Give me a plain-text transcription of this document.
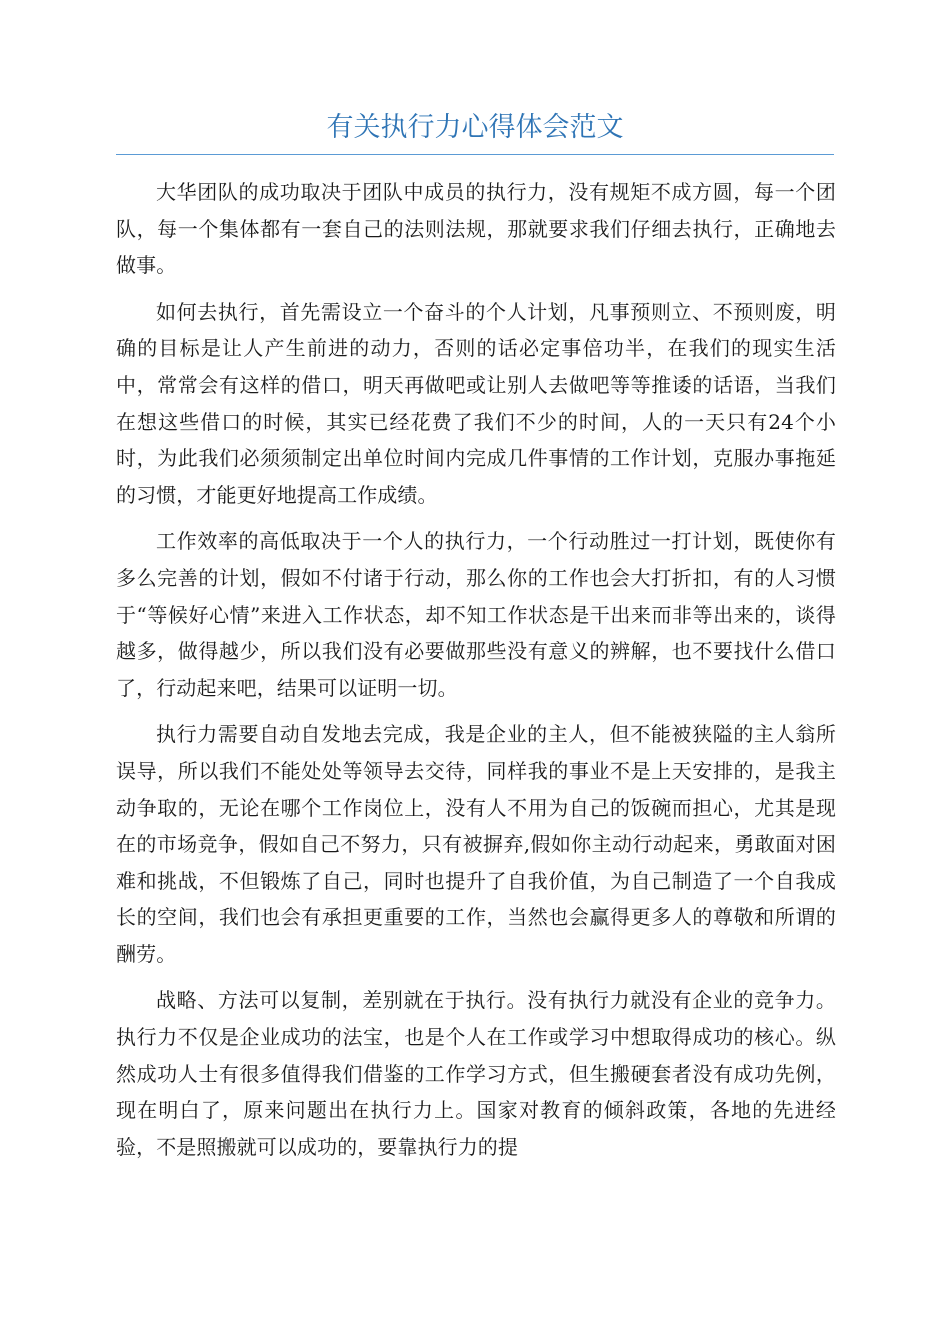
有关执行力心得体会范文

大华团队的成功取决于团队中成员的执行力，没有规矩不成方圆，每一个团队，每一个集体都有一套自己的法则法规，那就要求我们仔细去执行，正确地去做事。

如何去执行，首先需设立一个奋斗的个人计划，凡事预则立、不预则废，明确的目标是让人产生前进的动力，否则的话必定事倍功半，在我们的现实生活中，常常会有这样的借口，明天再做吧或让别人去做吧等等推诿的话语，当我们在想这些借口的时候，其实已经花费了我们不少的时间，人的一天只有24个小时，为此我们必须须制定出单位时间内完成几件事情的工作计划，克服办事拖延的习惯，才能更好地提高工作成绩。

工作效率的高低取决于一个人的执行力，一个行动胜过一打计划，既使你有多么完善的计划，假如不付诸于行动，那么你的工作也会大打折扣，有的人习惯于“等候好心情”来进入工作状态，却不知工作状态是干出来而非等出来的，谈得越多，做得越少，所以我们没有必要做那些没有意义的辨解，也不要找什么借口了，行动起来吧，结果可以证明一切。

执行力需要自动自发地去完成，我是企业的主人，但不能被狭隘的主人翁所误导，所以我们不能处处等领导去交待，同样我的事业不是上天安排的，是我主动争取的，无论在哪个工作岗位上，没有人不用为自己的饭碗而担心，尤其是现在的市场竞争，假如自己不努力，只有被摒弃,假如你主动行动起来，勇敢面对困难和挑战，不但锻炼了自己，同时也提升了自我价值，为自己制造了一个自我成长的空间，我们也会有承担更重要的工作，当然也会赢得更多人的尊敬和所谓的酬劳。

战略、方法可以复制，差别就在于执行。没有执行力就没有企业的竞争力。执行力不仅是企业成功的法宝，也是个人在工作或学习中想取得成功的核心。纵然成功人士有很多值得我们借鉴的工作学习方式，但生搬硬套者没有成功先例，现在明白了，原来问题出在执行力上。国家对教育的倾斜政策，各地的先进经验，不是照搬就可以成功的，要靠执行力的提
